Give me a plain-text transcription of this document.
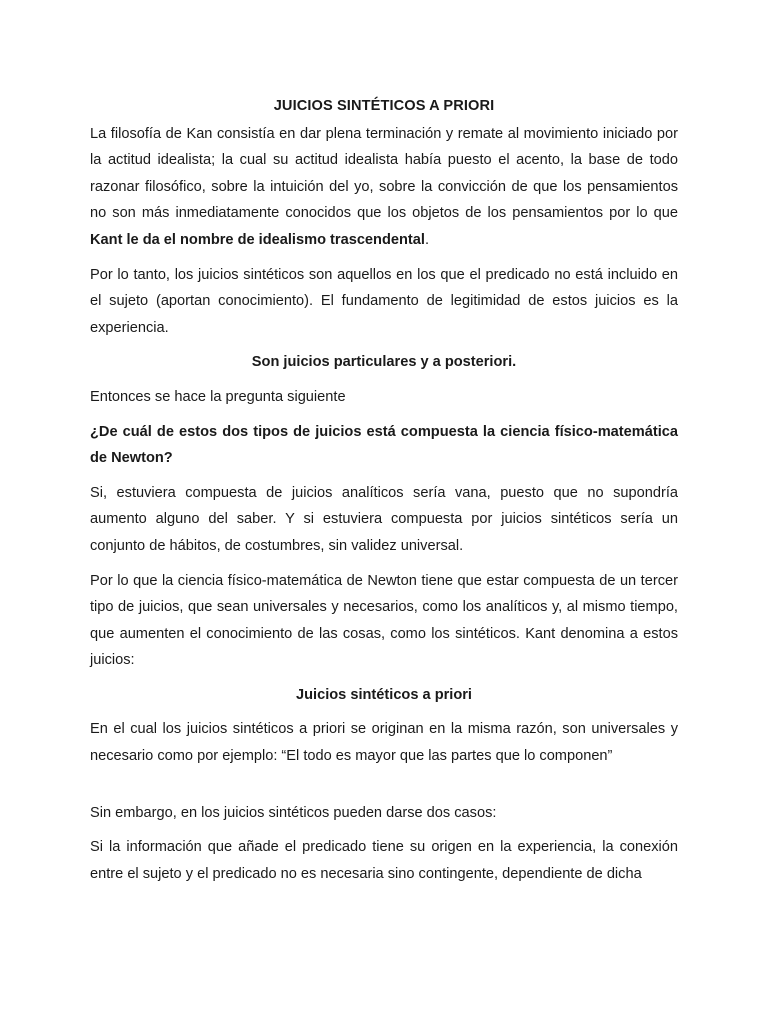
JUICIOS SINTÉTICOS A PRIORI

La filosofía de Kan consistía en dar plena terminación y remate al movimiento iniciado por la actitud idealista; la cual su actitud idealista había puesto el acento, la base de todo razonar filosófico, sobre la intuición del yo, sobre la convicción de que los pensamientos no son más inmediatamente conocidos que los objetos de los pensamientos por lo que Kant le da el nombre de idealismo trascendental.

Por lo tanto, los juicios sintéticos son aquellos en los que el predicado no está incluido en el sujeto (aportan conocimiento). El fundamento de legitimidad de estos juicios es la experiencia.

Son juicios particulares y a posteriori.

Entonces se hace la pregunta siguiente

¿De cuál de estos dos tipos de juicios está compuesta la ciencia físico-matemática de Newton?

Si, estuviera compuesta de juicios analíticos sería vana, puesto que no supondría aumento alguno del saber. Y si estuviera compuesta por juicios sintéticos sería un conjunto de hábitos, de costumbres, sin validez universal.

Por lo que la ciencia físico-matemática de Newton tiene que estar compuesta de un tercer tipo de juicios, que sean universales y necesarios, como los analíticos y, al mismo tiempo, que aumenten el conocimiento de las cosas, como los sintéticos. Kant denomina a estos juicios:

Juicios sintéticos a priori

En el cual los juicios sintéticos a priori se originan en la misma razón, son universales y necesario como por ejemplo: “El todo es mayor que las partes que lo componen”

Sin embargo, en los juicios sintéticos pueden darse dos casos:

Si la información que añade el predicado tiene su origen en la experiencia, la conexión entre el sujeto y el predicado no es necesaria sino contingente, dependiente de dicha
